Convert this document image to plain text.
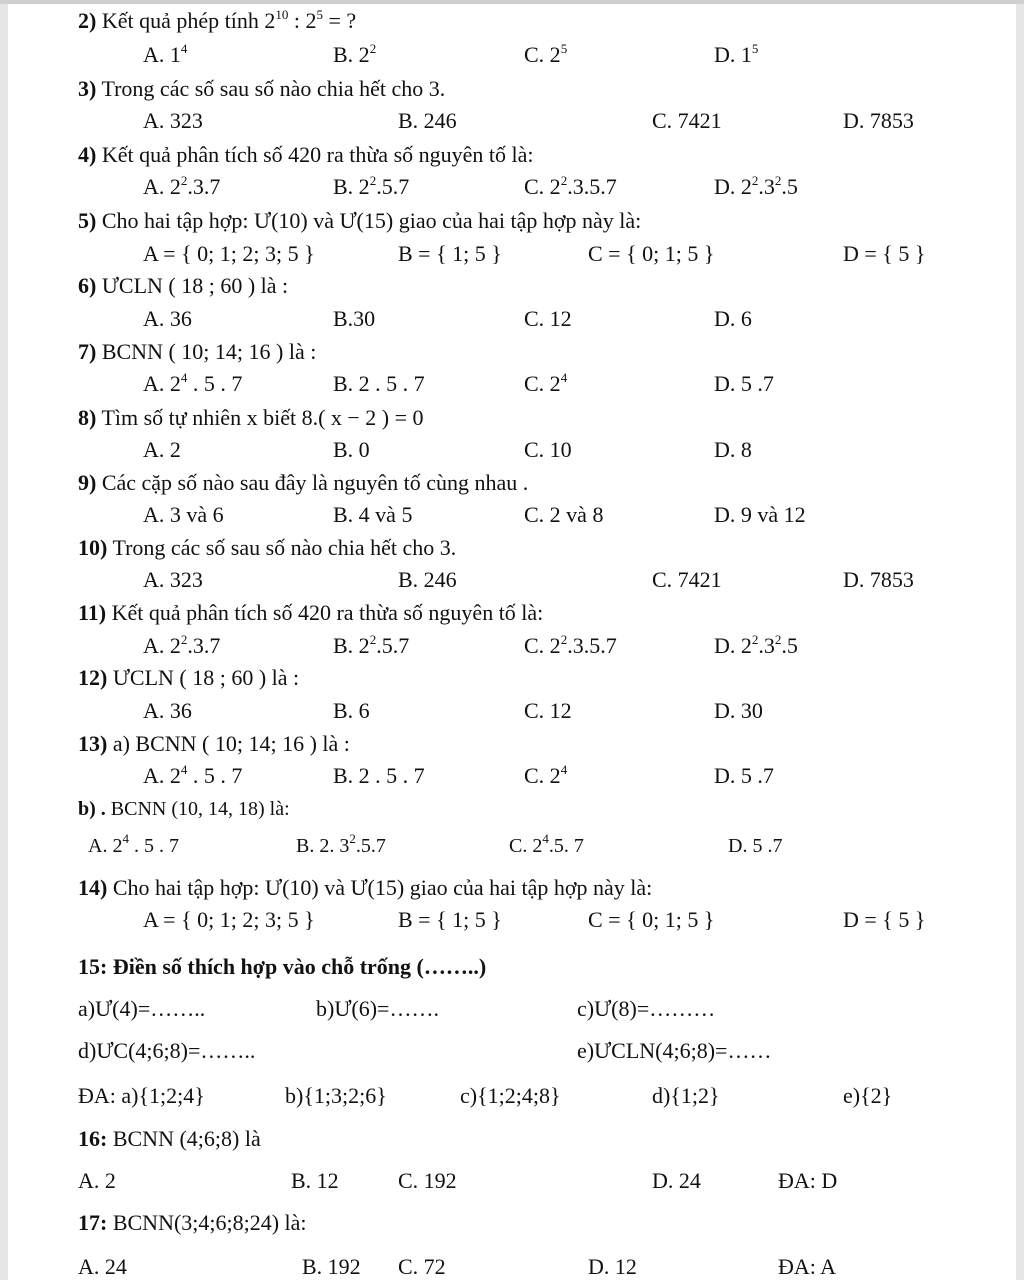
2) Kết quả phép tính $2^{10}$ : $2^5$ = ?
A. $1^4$	B. $2^2$	C. $2^5$	D. $1^5$
3) Trong các số sau số nào chia hết cho 3.
A. 323	B. 246	C. 7421	D. 7853
4) Kết quả phân tích số 420 ra thừa số nguyên tố là:
A. $2^2.3.7$	B. $2^2.5.7$	C. $2^2.3.5.7$	D. $2^2.3^2.5$
5) Cho hai tập hợp: Ư(10) và Ư(15) giao của hai tập hợp này là:
A = { 0; 1; 2; 3; 5 }	B = { 1; 5 }	C = { 0; 1; 5 }	D = { 5 }
6) ƯCLN ( 18 ; 60 ) là :
A. 36	B.30	C. 12	D. 6
7) BCNN ( 10; 14; 16 ) là :
A. $2^4$ . 5 . 7	B. 2 . 5 . 7	C. $2^4$	D. 5 .7
8) Tìm số tự nhiên x biết 8.( x − 2 ) = 0
A. 2	B. 0	C. 10	D. 8
9) Các cặp số nào sau đây là nguyên tố cùng nhau .
A. 3 và 6	B. 4 và 5	C. 2 và 8	D. 9 và 12
10) Trong các số sau số nào chia hết cho 3.
A. 323	B. 246	C. 7421	D. 7853
11) Kết quả phân tích số 420 ra thừa số nguyên tố là:
A. $2^2.3.7$	B. $2^2.5.7$	C. $2^2.3.5.7$	D. $2^2.3^2.5$
12) ƯCLN ( 18 ; 60 ) là :
A. 36	B. 6	C. 12	D. 30
13) a) BCNN ( 10; 14; 16 ) là :
A. $2^4$ . 5 . 7	B. 2 . 5 . 7	C. $2^4$	D. 5 .7
b) . BCNN (10, 14, 18) là:
A. $2^4$ . 5 . 7	B. 2. $3^2.5.7$	C. $2^4.5$. 7	D. 5 .7
14) Cho hai tập hợp: Ư(10) và Ư(15) giao của hai tập hợp này là:
A = { 0; 1; 2; 3; 5 }	B = { 1; 5 }	C = { 0; 1; 5 }	D = { 5 }
15: Điền số thích hợp vào chỗ trống (……..)
a)Ư(4)=……..	b)Ư(6)=…….	c)Ư(8)=………
d)ƯC(4;6;8)=……..	e)ƯCLN(4;6;8)=……
ĐA: a){1;2;4}	b){1;3;2;6}	c){1;2;4;8}	d){1;2}	e){2}
16: BCNN (4;6;8) là
A. 2	B. 12	C. 192	D. 24	ĐA: D
17: BCNN(3;4;6;8;24) là:
A. 24	B. 192 C. 72	D. 12	ĐA: A
